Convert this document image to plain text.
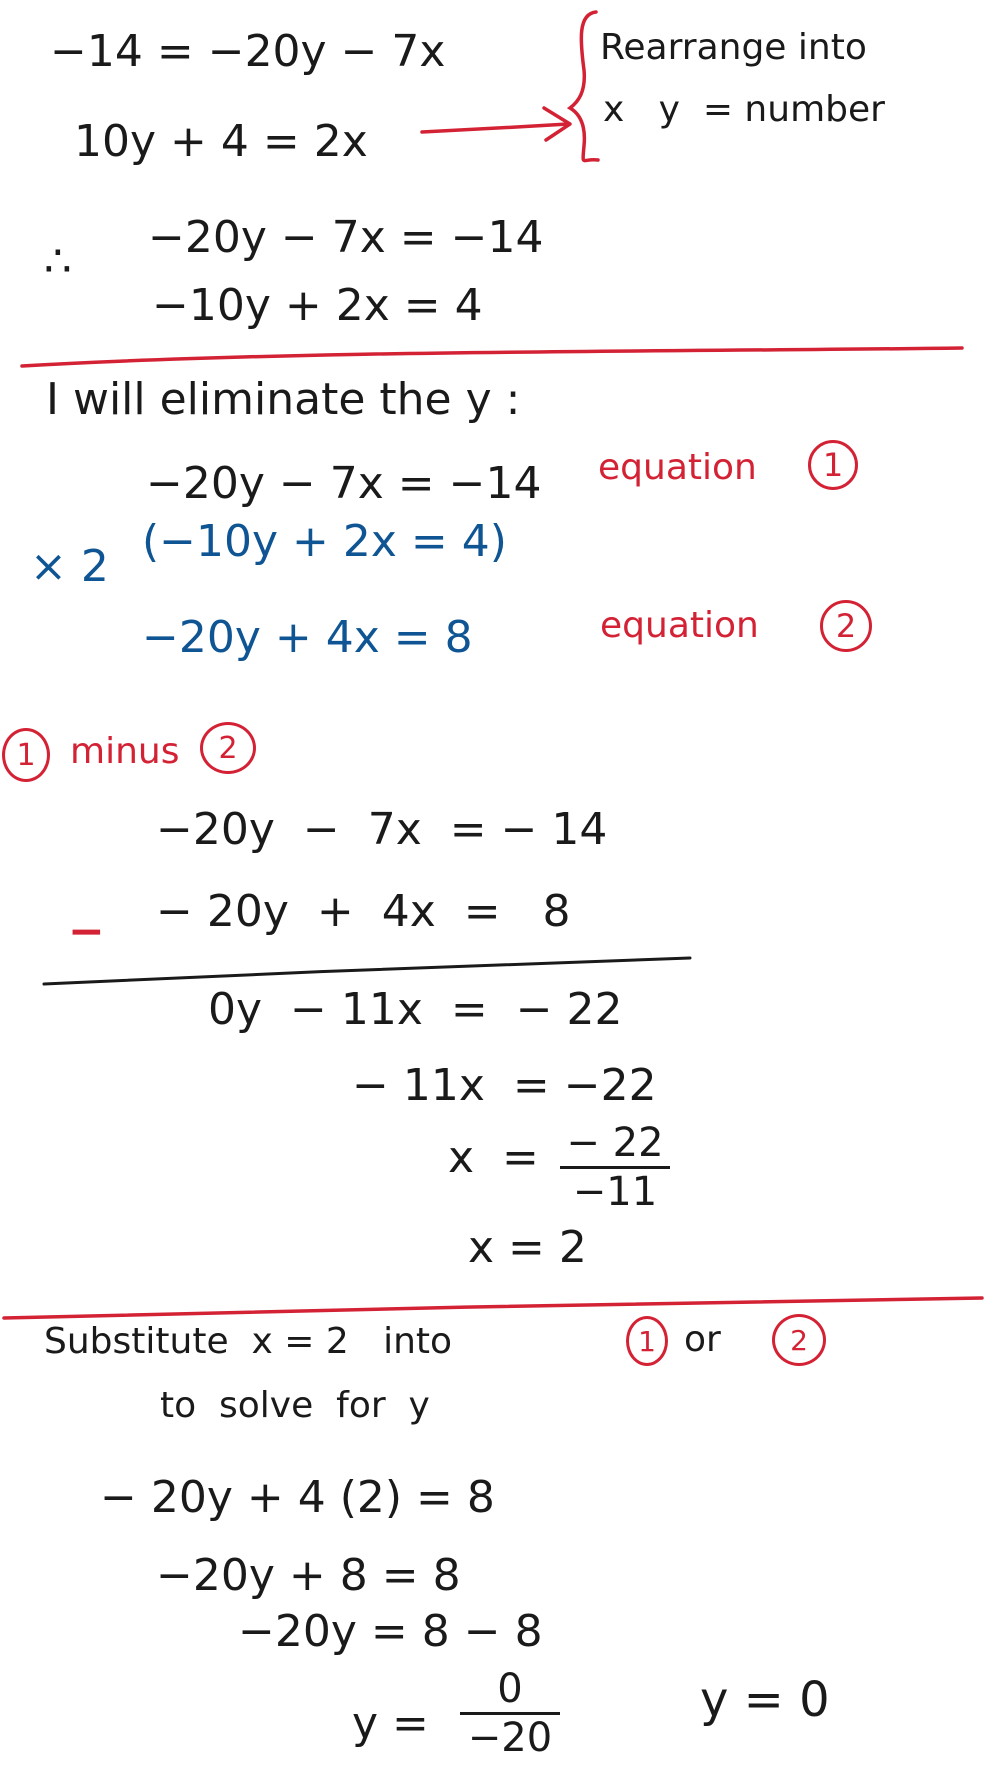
−14 = −20y − 7x
10y + 4 = 2x
Rearrange into
x   y  = number
∴ −20y − 7x = −14
−10y + 2x = 4
I will eliminate the y :
−20y − 7x = −14 equation	1
× 2 (−10y + 2x = 4)
−20y + 4x = 8	equation	2
1 minus	2
−20y  −  7x  = − 14
− − 20y  +  4x  =   8
0y  − 11x  =  − 22
− 11x  = −22
x  = − 22
−11
x = 2
Substitute  x = 2   into	1 or	2
to  solve  for  y
− 20y + 4 (2) = 8
−20y + 8 = 8
−20y = 8 − 8
y =
0
−20
y = 0
